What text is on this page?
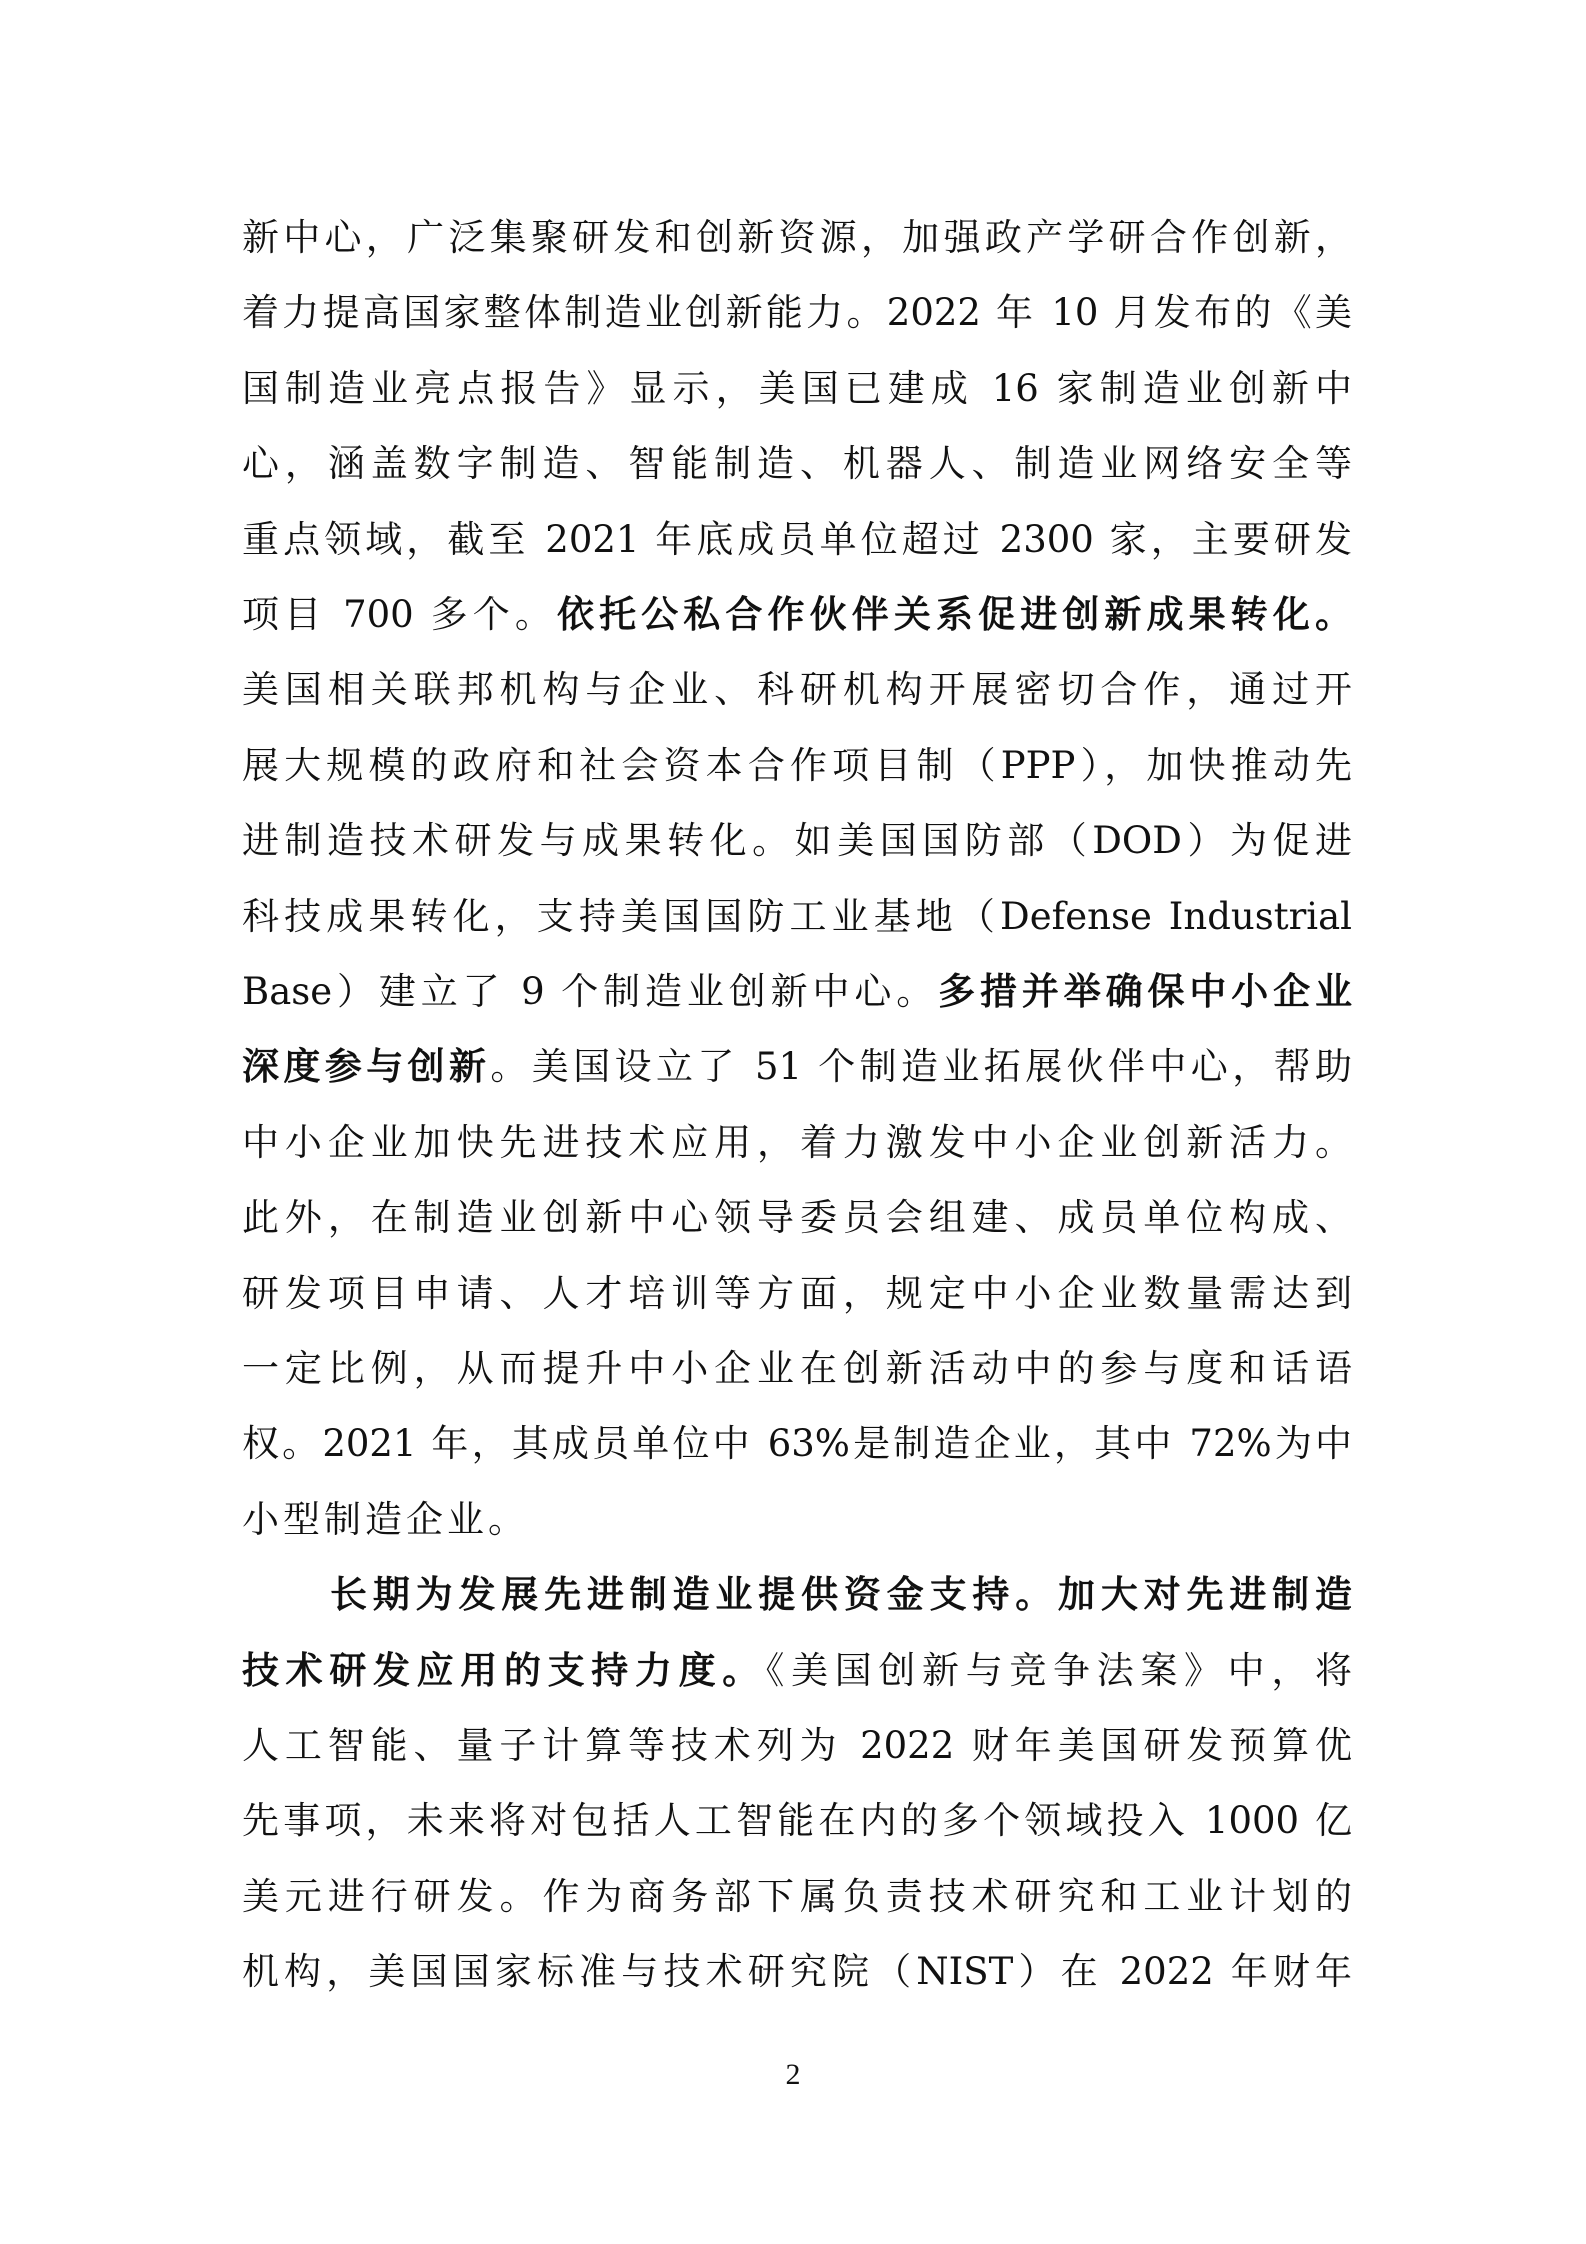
2
新中心，广泛集聚研发和创新资源，加强政产学研合作创新，
着力提高国家整体制造业创新能力。2022 年 10 月发布的《美
国制造业亮点报告》显示，美国已建成 16 家制造业创新中
心，涵盖数字制造、智能制造、机器人、制造业网络安全等
重点领域，截至 2021 年底成员单位超过 2300 家，主要研发
项目 700 多个。依托公私合作伙伴关系促进创新成果转化。
美国相关联邦机构与企业、科研机构开展密切合作，通过开
展大规模的政府和社会资本合作项目制（PPP），加快推动先
进制造技术研发与成果转化。如美国国防部（DOD）为促进
科技成果转化，支持美国国防工业基地（Defense Industrial
Base）建立了 9 个制造业创新中心。多措并举确保中小企业
深度参与创新。美国设立了 51 个制造业拓展伙伴中心，帮助
中小企业加快先进技术应用，着力激发中小企业创新活力。
此外，在制造业创新中心领导委员会组建、成员单位构成、
研发项目申请、人才培训等方面，规定中小企业数量需达到
一定比例，从而提升中小企业在创新活动中的参与度和话语
权。2021 年，其成员单位中 63%是制造企业，其中 72%为中
小型制造企业。
长期为发展先进制造业提供资金支持。加大对先进制造
技术研发应用的支持力度。《美国创新与竞争法案》中，将
人工智能、量子计算等技术列为 2022 财年美国研发预算优
先事项，未来将对包括人工智能在内的多个领域投入 1000 亿
美元进行研发。作为商务部下属负责技术研究和工业计划的
机构，美国国家标准与技术研究院（NIST）在 2022 年财年
